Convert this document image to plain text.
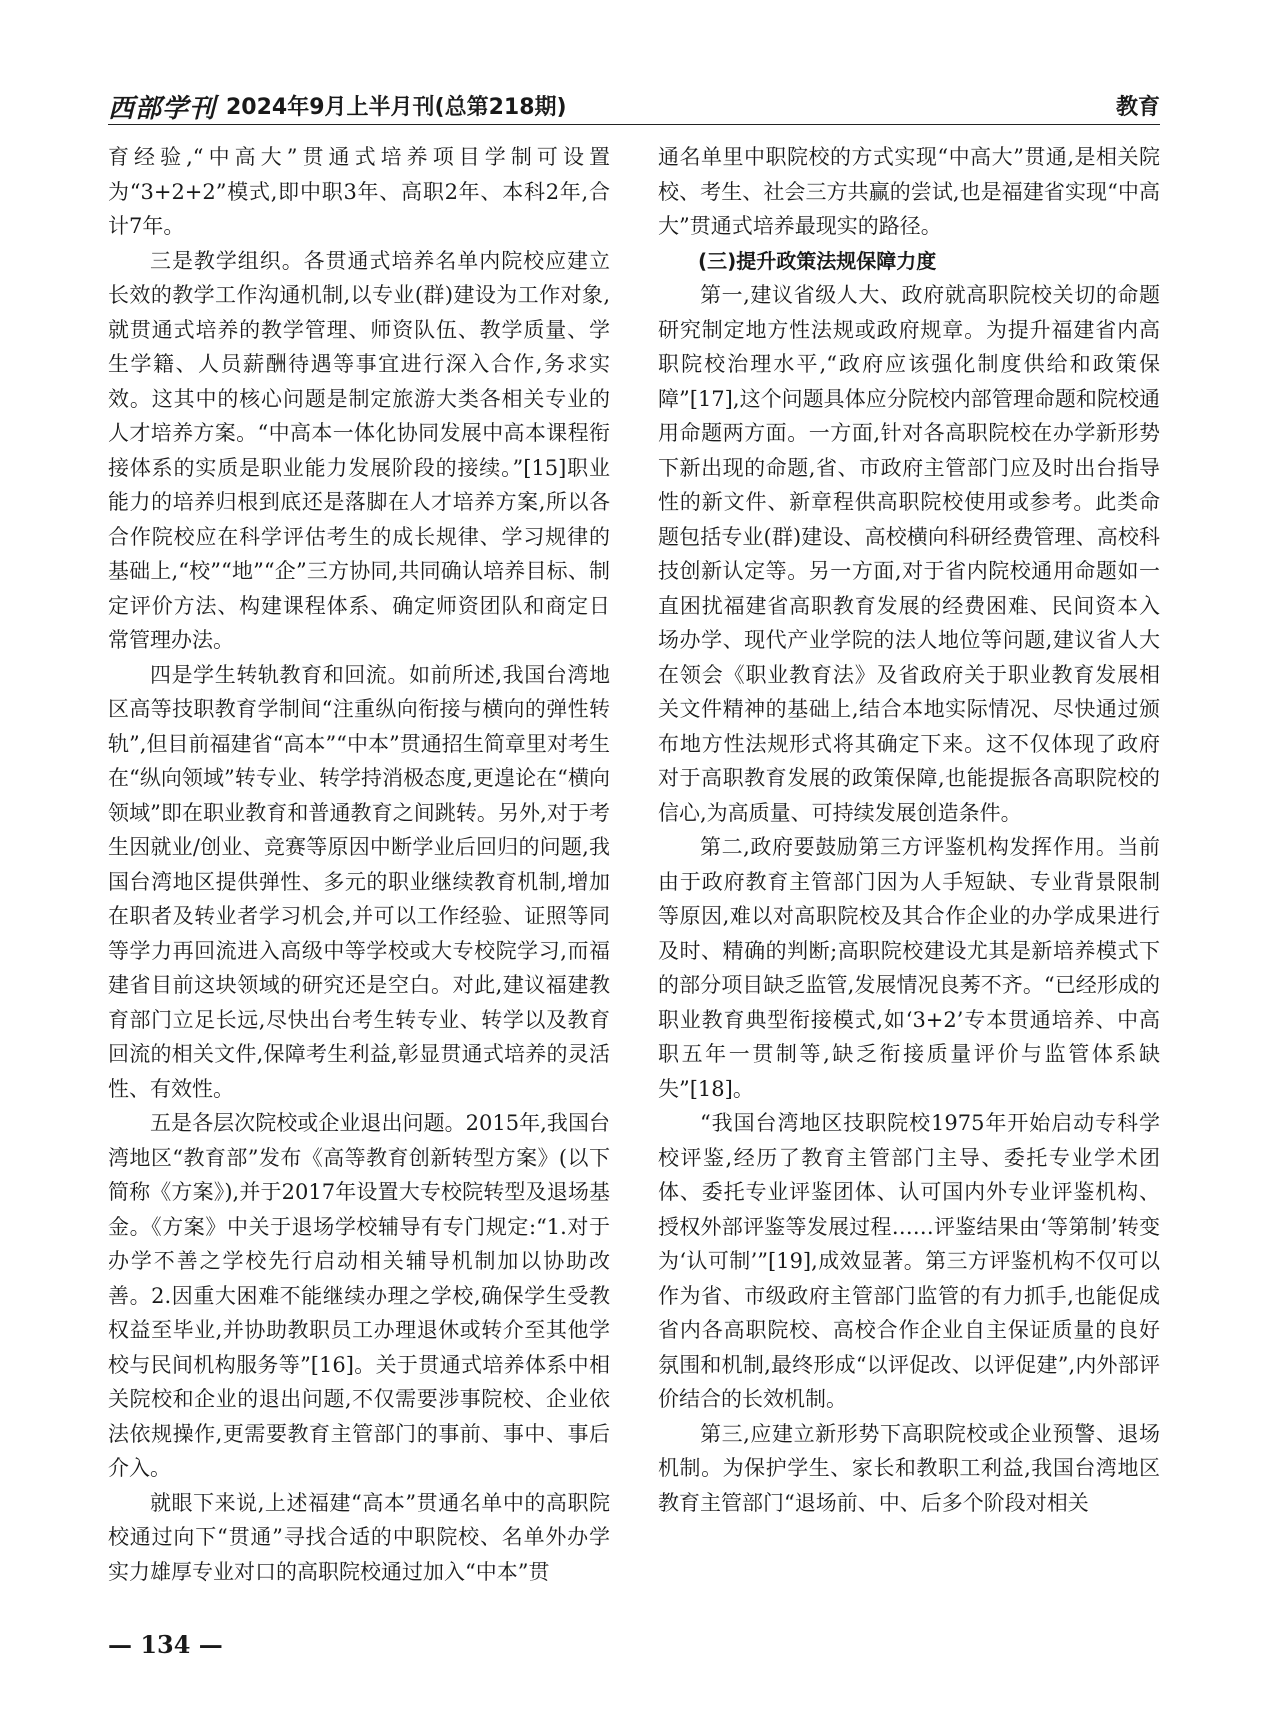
西部学刊 2024年9月上半月刊(总第218期)	教育

育经验,“中高大”贯通式培养项目学制可设置为“3+2+2”模式,即中职3年、高职2年、本科2年,合计7年。

三是教学组织。各贯通式培养名单内院校应建立长效的教学工作沟通机制,以专业(群)建设为工作对象,就贯通式培养的教学管理、师资队伍、教学质量、学生学籍、人员薪酬待遇等事宜进行深入合作,务求实效。这其中的核心问题是制定旅游大类各相关专业的人才培养方案。“中高本一体化协同发展中高本课程衔接体系的实质是职业能力发展阶段的接续。”[15]职业能力的培养归根到底还是落脚在人才培养方案,所以各合作院校应在科学评估考生的成长规律、学习规律的基础上,“校”“地”“企”三方协同,共同确认培养目标、制定评价方法、构建课程体系、确定师资团队和商定日常管理办法。

四是学生转轨教育和回流。如前所述,我国台湾地区高等技职教育学制间“注重纵向衔接与横向的弹性转轨”,但目前福建省“高本”“中本”贯通招生简章里对考生在“纵向领域”转专业、转学持消极态度,更遑论在“横向领域”即在职业教育和普通教育之间跳转。另外,对于考生因就业/创业、竞赛等原因中断学业后回归的问题,我国台湾地区提供弹性、多元的职业继续教育机制,增加在职者及转业者学习机会,并可以工作经验、证照等同等学力再回流进入高级中等学校或大专校院学习,而福建省目前这块领域的研究还是空白。对此,建议福建教育部门立足长远,尽快出台考生转专业、转学以及教育回流的相关文件,保障考生利益,彰显贯通式培养的灵活性、有效性。

五是各层次院校或企业退出问题。2015年,我国台湾地区“教育部”发布《高等教育创新转型方案》(以下简称《方案》),并于2017年设置大专校院转型及退场基金。《方案》中关于退场学校辅导有专门规定:“1.对于办学不善之学校先行启动相关辅导机制加以协助改善。2.因重大困难不能继续办理之学校,确保学生受教权益至毕业,并协助教职员工办理退休或转介至其他学校与民间机构服务等”[16]。关于贯通式培养体系中相关院校和企业的退出问题,不仅需要涉事院校、企业依法依规操作,更需要教育主管部门的事前、事中、事后介入。

就眼下来说,上述福建“高本”贯通名单中的高职院校通过向下“贯通”寻找合适的中职院校、名单外办学实力雄厚专业对口的高职院校通过加入“中本”贯

通名单里中职院校的方式实现“中高大”贯通,是相关院校、考生、社会三方共赢的尝试,也是福建省实现“中高大”贯通式培养最现实的路径。

(三)提升政策法规保障力度

第一,建议省级人大、政府就高职院校关切的命题研究制定地方性法规或政府规章。为提升福建省内高职院校治理水平,“政府应该强化制度供给和政策保障”[17],这个问题具体应分院校内部管理命题和院校通用命题两方面。一方面,针对各高职院校在办学新形势下新出现的命题,省、市政府主管部门应及时出台指导性的新文件、新章程供高职院校使用或参考。此类命题包括专业(群)建设、高校横向科研经费管理、高校科技创新认定等。另一方面,对于省内院校通用命题如一直困扰福建省高职教育发展的经费困难、民间资本入场办学、现代产业学院的法人地位等问题,建议省人大在领会《职业教育法》及省政府关于职业教育发展相关文件精神的基础上,结合本地实际情况、尽快通过颁布地方性法规形式将其确定下来。这不仅体现了政府对于高职教育发展的政策保障,也能提振各高职院校的信心,为高质量、可持续发展创造条件。

第二,政府要鼓励第三方评鉴机构发挥作用。当前由于政府教育主管部门因为人手短缺、专业背景限制等原因,难以对高职院校及其合作企业的办学成果进行及时、精确的判断;高职院校建设尤其是新培养模式下的部分项目缺乏监管,发展情况良莠不齐。“已经形成的职业教育典型衔接模式,如‘3+2’专本贯通培养、中高职五年一贯制等,缺乏衔接质量评价与监管体系缺失”[18]。

“我国台湾地区技职院校1975年开始启动专科学校评鉴,经历了教育主管部门主导、委托专业学术团体、委托专业评鉴团体、认可国内外专业评鉴机构、授权外部评鉴等发展过程……评鉴结果由‘等第制’转变为‘认可制’”[19],成效显著。第三方评鉴机构不仅可以作为省、市级政府主管部门监管的有力抓手,也能促成省内各高职院校、高校合作企业自主保证质量的良好氛围和机制,最终形成“以评促改、以评促建”,内外部评价结合的长效机制。

第三,应建立新形势下高职院校或企业预警、退场机制。为保护学生、家长和教职工利益,我国台湾地区教育主管部门“退场前、中、后多个阶段对相关

— 134 —
